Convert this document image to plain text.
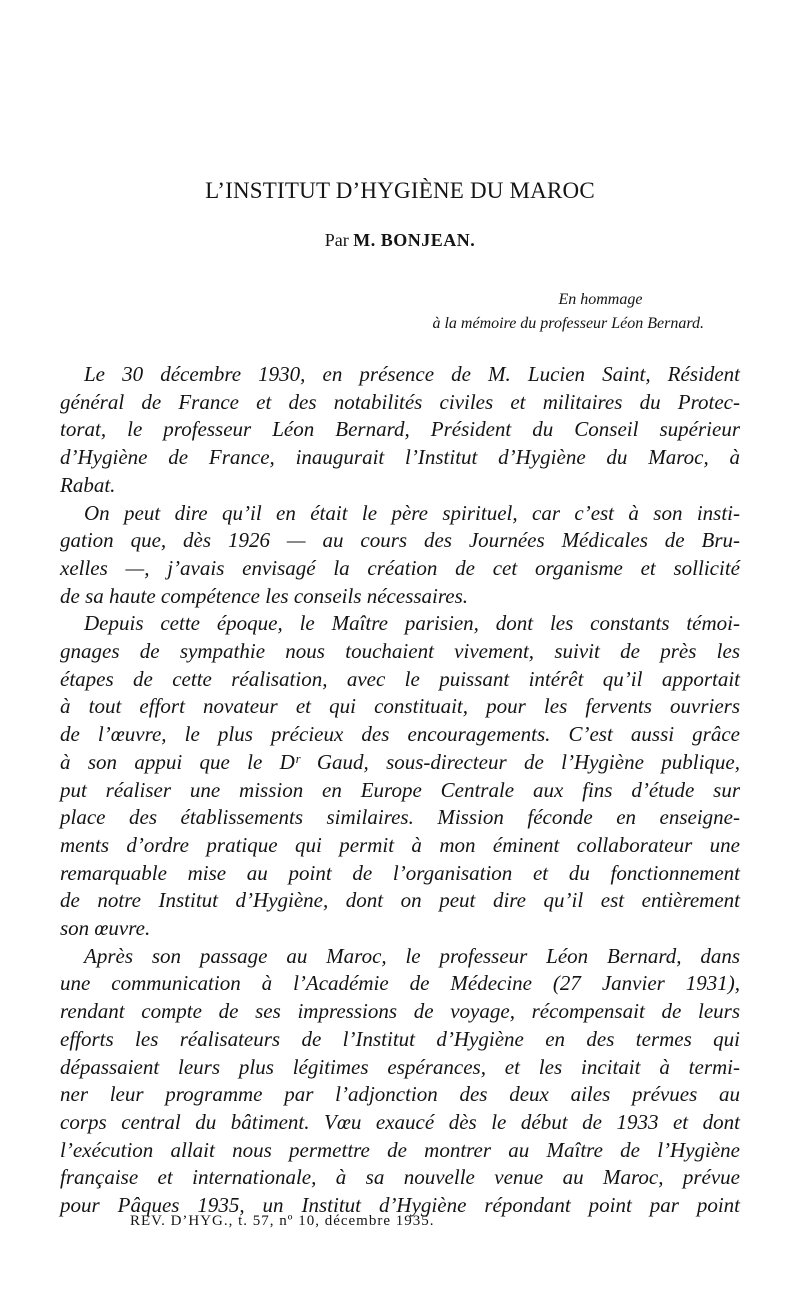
L’INSTITUT D’HYGIÈNE DU MAROC

Par M. BONJEAN.

En hommage
à la mémoire du professeur Léon Bernard.

Le 30 décembre 1930, en présence de M. Lucien Saint, Résident
général de France et des notabilités civiles et militaires du Protec-
torat, le professeur Léon Bernard, Président du Conseil supérieur
d’Hygiène de France, inaugurait l’Institut d’Hygiène du Maroc, à
Rabat.

On peut dire qu’il en était le père spirituel, car c’est à son insti-
gation que, dès 1926 — au cours des Journées Médicales de Bru-
xelles —, j’avais envisagé la création de cet organisme et sollicité
de sa haute compétence les conseils nécessaires.

Depuis cette époque, le Maître parisien, dont les constants témoi-
gnages de sympathie nous touchaient vivement, suivit de près les
étapes de cette réalisation, avec le puissant intérêt qu’il apportait
à tout effort novateur et qui constituait, pour les fervents ouvriers
de l’œuvre, le plus précieux des encouragements. C’est aussi grâce
à son appui que le Dʳ Gaud, sous-directeur de l’Hygiène publique,
put réaliser une mission en Europe Centrale aux fins d’étude sur
place des établissements similaires. Mission féconde en enseigne-
ments d’ordre pratique qui permit à mon éminent collaborateur une
remarquable mise au point de l’organisation et du fonctionnement
de notre Institut d’Hygiène, dont on peut dire qu’il est entièrement
son œuvre.

Après son passage au Maroc, le professeur Léon Bernard, dans
une communication à l’Académie de Médecine (27 Janvier 1931),
rendant compte de ses impressions de voyage, récompensait de leurs
efforts les réalisateurs de l’Institut d’Hygiène en des termes qui
dépassaient leurs plus légitimes espérances, et les incitait à termi-
ner leur programme par l’adjonction des deux ailes prévues au
corps central du bâtiment. Vœu exaucé dès le début de 1933 et dont
l’exécution allait nous permettre de montrer au Maître de l’Hygiène
française et internationale, à sa nouvelle venue au Maroc, prévue
pour Pâques 1935, un Institut d’Hygiène répondant point par point

REV. D’HYG., t. 57, nº 10, décembre 1935.
